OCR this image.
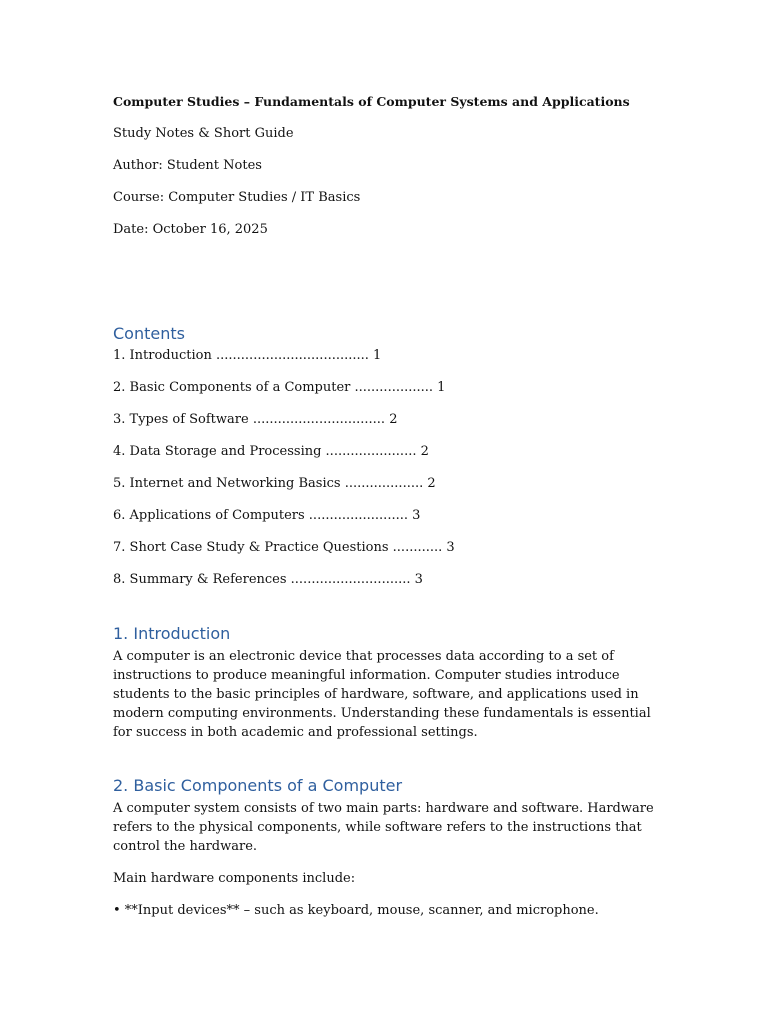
Computer Studies – Fundamentals of Computer Systems and Applications
Study Notes & Short Guide
Author: Student Notes
Course: Computer Studies / IT Basics
Date: October 16, 2025
Contents
1. Introduction ..................................... 1
2. Basic Components of a Computer ................... 1
3. Types of Software ................................ 2
4. Data Storage and Processing ...................... 2
5. Internet and Networking Basics ................... 2
6. Applications of Computers ........................ 3
7. Short Case Study & Practice Questions ............ 3
8. Summary & References ............................. 3
1. Introduction
A computer is an electronic device that processes data according to a set of instructions to produce meaningful information. Computer studies introduce students to the basic principles of hardware, software, and applications used in modern computing environments. Understanding these fundamentals is essential for success in both academic and professional settings.
2. Basic Components of a Computer
A computer system consists of two main parts: hardware and software. Hardware refers to the physical components, while software refers to the instructions that control the hardware.
Main hardware components include:
• **Input devices** – such as keyboard, mouse, scanner, and microphone.
